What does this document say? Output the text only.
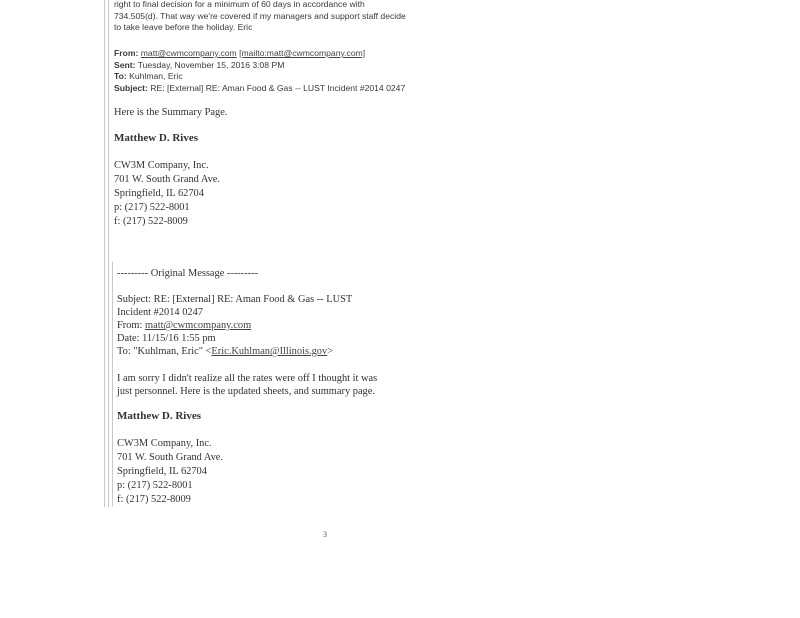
right to final decision for a minimum of 60 days in accordance with
734.505(d). That way we're covered if my managers and support staff decide
to take leave before the holiday. Eric
From: matt@cwmcompany.com [mailto:matt@cwmcompany.com]
Sent: Tuesday, November 15, 2016 3:08 PM
To: Kuhlman, Eric
Subject: RE: [External] RE: Aman Food & Gas -- LUST Incident #2014 0247
Here is the Summary Page.
Matthew D. Rives
CW3M Company, Inc.
701 W. South Grand Ave.
Springfield, IL 62704
p: (217) 522-8001
f: (217) 522-8009
--------- Original Message ---------
Subject: RE: [External] RE: Aman Food & Gas -- LUST
Incident #2014 0247
From: matt@cwmcompany.com
Date: 11/15/16 1:55 pm
To: "Kuhlman, Eric" <Eric.Kuhlman@Illinois.gov>
I am sorry I didn't realize all the rates were off I thought it was
just personnel. Here is the updated sheets, and summary page.
Matthew D. Rives
CW3M Company, Inc.
701 W. South Grand Ave.
Springfield, IL 62704
p: (217) 522-8001
f: (217) 522-8009
3
